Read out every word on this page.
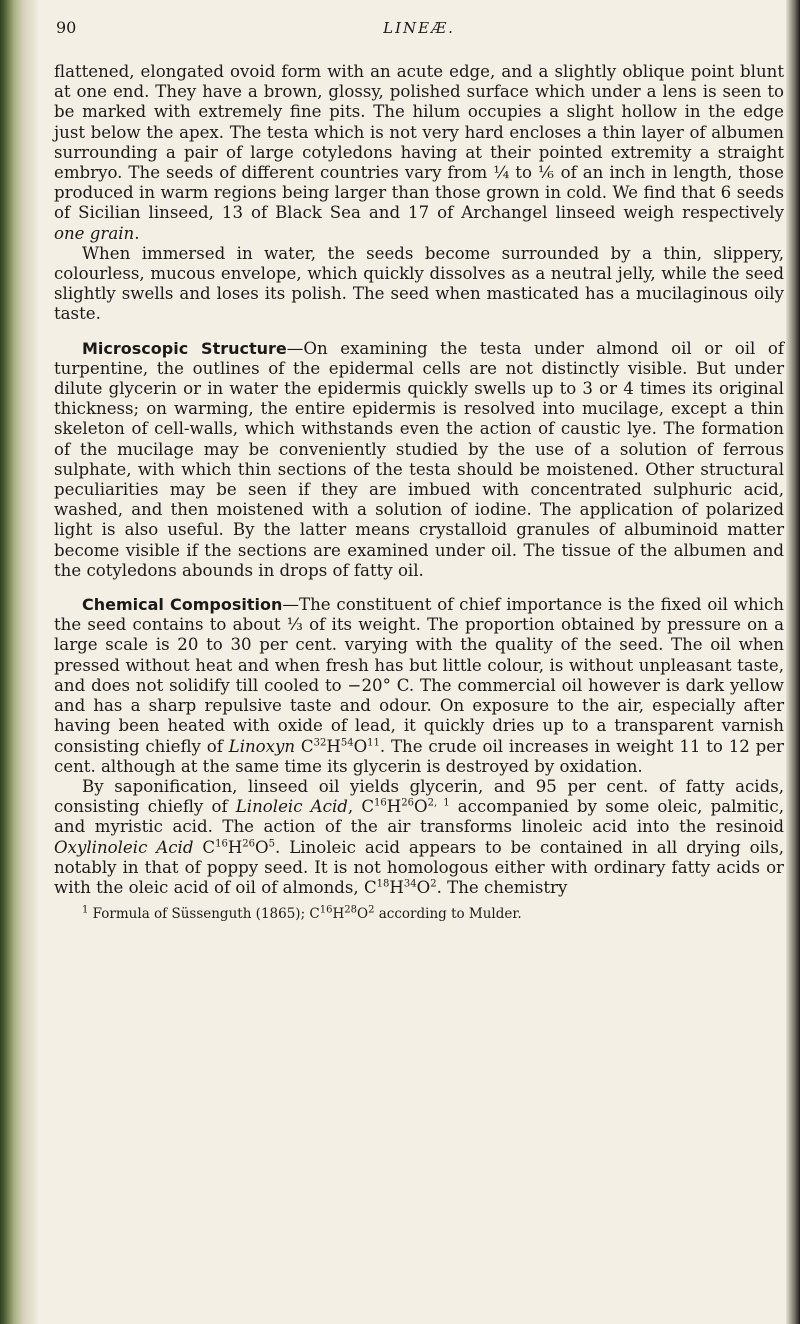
90	LINEÆ.

flattened, elongated ovoid form with an acute edge, and a slightly oblique point blunt at one end. They have a brown, glossy, polished surface which under a lens is seen to be marked with extremely fine pits. The hilum occupies a slight hollow in the edge just below the apex. The testa which is not very hard encloses a thin layer of albumen surrounding a pair of large cotyledons having at their pointed extremity a straight embryo. The seeds of different countries vary from ¼ to ⅙ of an inch in length, those produced in warm regions being larger than those grown in cold. We find that 6 seeds of Sicilian linseed, 13 of Black Sea and 17 of Archangel linseed weigh respectively one grain.

When immersed in water, the seeds become surrounded by a thin, slippery, colourless, mucous envelope, which quickly dissolves as a neutral jelly, while the seed slightly swells and loses its polish. The seed when masticated has a mucilaginous oily taste.

Microscopic Structure—On examining the testa under almond oil or oil of turpentine, the outlines of the epidermal cells are not distinctly visible. But under dilute glycerin or in water the epidermis quickly swells up to 3 or 4 times its original thickness; on warming, the entire epidermis is resolved into mucilage, except a thin skeleton of cell-walls, which withstands even the action of caustic lye. The formation of the mucilage may be conveniently studied by the use of a solution of ferrous sulphate, with which thin sections of the testa should be moistened. Other structural peculiarities may be seen if they are imbued with concentrated sulphuric acid, washed, and then moistened with a solution of iodine. The application of polarized light is also useful. By the latter means crystalloid granules of albuminoid matter become visible if the sections are examined under oil. The tissue of the albumen and the cotyledons abounds in drops of fatty oil.

Chemical Composition—The constituent of chief importance is the fixed oil which the seed contains to about ⅓ of its weight. The proportion obtained by pressure on a large scale is 20 to 30 per cent. varying with the quality of the seed. The oil when pressed without heat and when fresh has but little colour, is without unpleasant taste, and does not solidify till cooled to −20° C. The commercial oil however is dark yellow and has a sharp repulsive taste and odour. On exposure to the air, especially after having been heated with oxide of lead, it quickly dries up to a transparent varnish consisting chiefly of Linoxyn $C^{32}H^{54}O^{11}$. The crude oil increases in weight 11 to 12 per cent. although at the same time its glycerin is destroyed by oxidation.

By saponification, linseed oil yields glycerin, and 95 per cent. of fatty acids, consisting chiefly of Linoleic Acid, $C^{16}H^{26}O^{2, 1}$ accompanied by some oleic, palmitic, and myristic acid. The action of the air transforms linoleic acid into the resinoid Oxylinoleic Acid $C^{16}H^{26}O^5$. Linoleic acid appears to be contained in all drying oils, notably in that of poppy seed. It is not homologous either with ordinary fatty acids or with the oleic acid of oil of almonds, $C^{18}H^{34}O^2$. The chemistry

$^1$ Formula of Süssenguth (1865); $C^{16}H^{28}O^2$ according to Mulder.
